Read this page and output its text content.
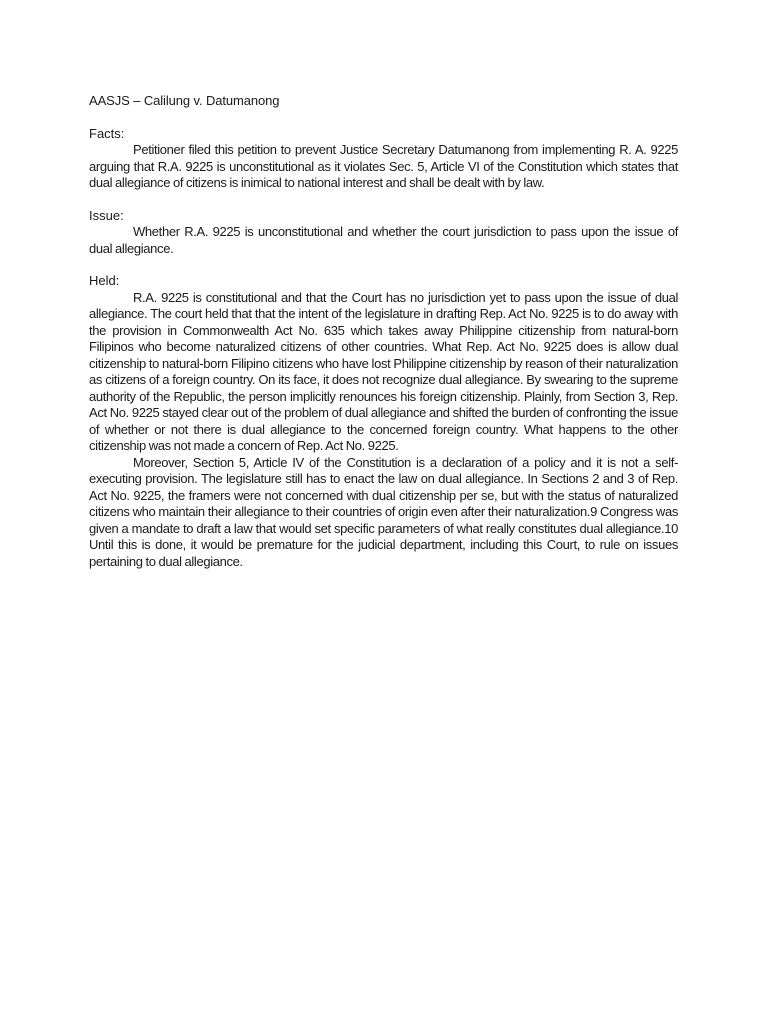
AASJS – Calilung v. Datumanong

Facts:

Petitioner filed this petition to prevent Justice Secretary Datumanong from implementing R. A. 9225 arguing that R.A. 9225 is unconstitutional as it violates Sec. 5, Article VI of the Constitution which states that dual allegiance of citizens is inimical to national interest and shall be dealt with by law.

Issue:

Whether R.A. 9225 is unconstitutional and whether the court jurisdiction to pass upon the issue of dual allegiance.

Held:

R.A. 9225 is constitutional and that the Court has no jurisdiction yet to pass upon the issue of dual allegiance. The court held that that the intent of the legislature in drafting Rep. Act No. 9225 is to do away with the provision in Commonwealth Act No. 635 which takes away Philippine citizenship from natural-born Filipinos who become naturalized citizens of other countries. What Rep. Act No. 9225 does is allow dual citizenship to natural-born Filipino citizens who have lost Philippine citizenship by reason of their naturalization as citizens of a foreign country. On its face, it does not recognize dual allegiance. By swearing to the supreme authority of the Republic, the person implicitly renounces his foreign citizenship. Plainly, from Section 3, Rep. Act No. 9225 stayed clear out of the problem of dual allegiance and shifted the burden of confronting the issue of whether or not there is dual allegiance to the concerned foreign country. What happens to the other citizenship was not made a concern of Rep. Act No. 9225.

Moreover, Section 5, Article IV of the Constitution is a declaration of a policy and it is not a self-executing provision. The legislature still has to enact the law on dual allegiance. In Sections 2 and 3 of Rep. Act No. 9225, the framers were not concerned with dual citizenship per se, but with the status of naturalized citizens who maintain their allegiance to their countries of origin even after their naturalization.9 Congress was given a mandate to draft a law that would set specific parameters of what really constitutes dual allegiance.10 Until this is done, it would be premature for the judicial department, including this Court, to rule on issues pertaining to dual allegiance.
